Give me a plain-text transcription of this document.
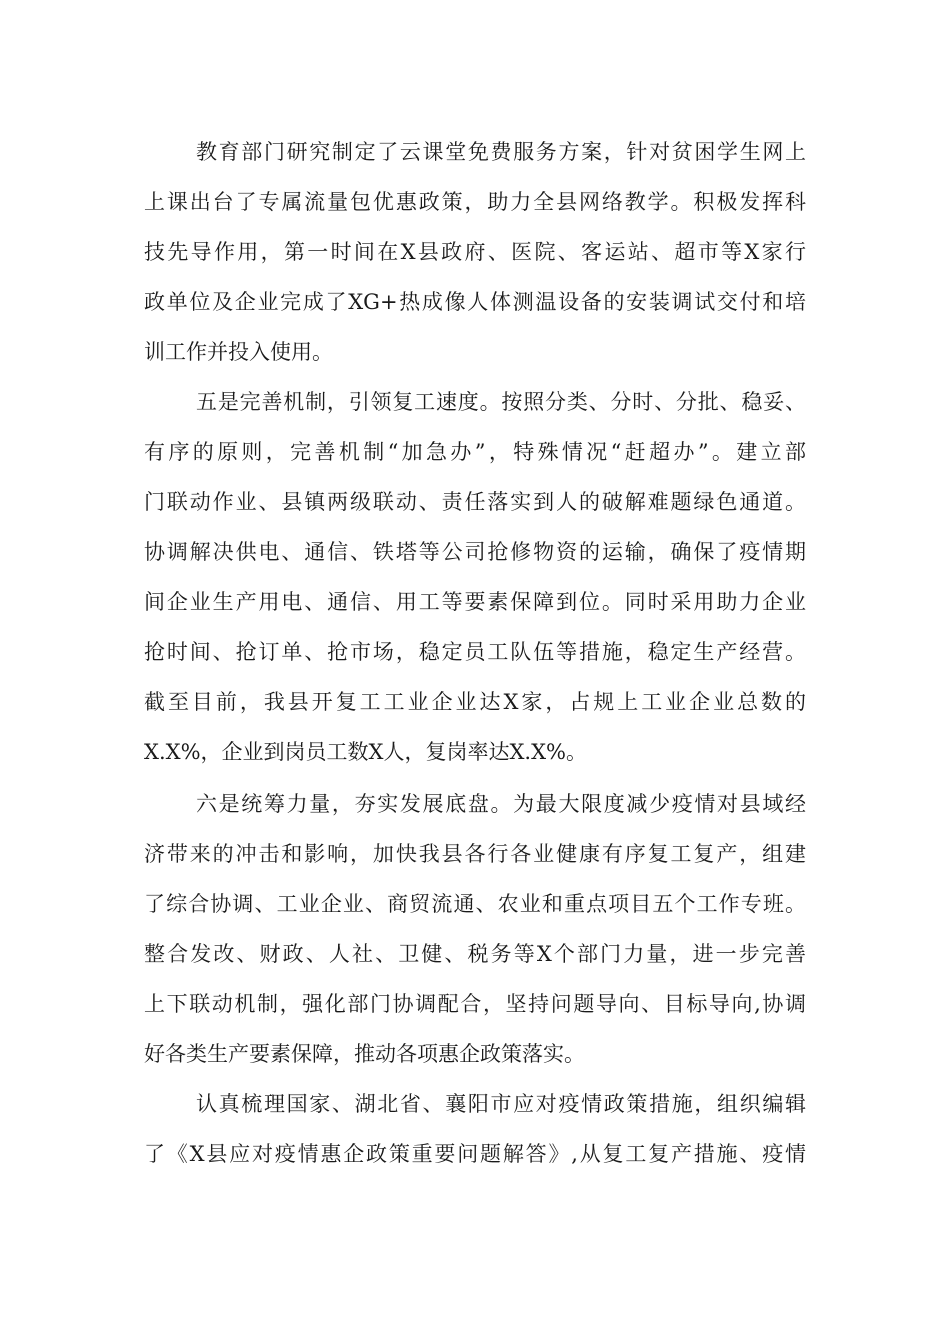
教育部门研究制定了云课堂免费服务方案，针对贫困学生网上
上课出台了专属流量包优惠政策，助力全县网络教学。积极发挥科
技先导作用，第一时间在X县政府、医院、客运站、超市等X家行
政单位及企业完成了XG+热成像人体测温设备的安装调试交付和培
训工作并投入使用。
五是完善机制，引领复工速度。按照分类、分时、分批、稳妥、
有序的原则，完善机制“加急办”，特殊情况“赶超办”。建立部
门联动作业、县镇两级联动、责任落实到人的破解难题绿色通道。
协调解决供电、通信、铁塔等公司抢修物资的运输，确保了疫情期
间企业生产用电、通信、用工等要素保障到位。同时采用助力企业
抢时间、抢订单、抢市场，稳定员工队伍等措施，稳定生产经营。
截至目前，我县开复工工业企业达X家，占规上工业企业总数的
X.X%，企业到岗员工数X人，复岗率达X.X%。
六是统筹力量，夯实发展底盘。为最大限度减少疫情对县域经
济带来的冲击和影响，加快我县各行各业健康有序复工复产，组建
了综合协调、工业企业、商贸流通、农业和重点项目五个工作专班。
整合发改、财政、人社、卫健、税务等X个部门力量，进一步完善
上下联动机制，强化部门协调配合，坚持问题导向、目标导向,协调
好各类生产要素保障，推动各项惠企政策落实。
认真梳理国家、湖北省、襄阳市应对疫情政策措施，组织编辑
了《X县应对疫情惠企政策重要问题解答》,从复工复产措施、疫情
